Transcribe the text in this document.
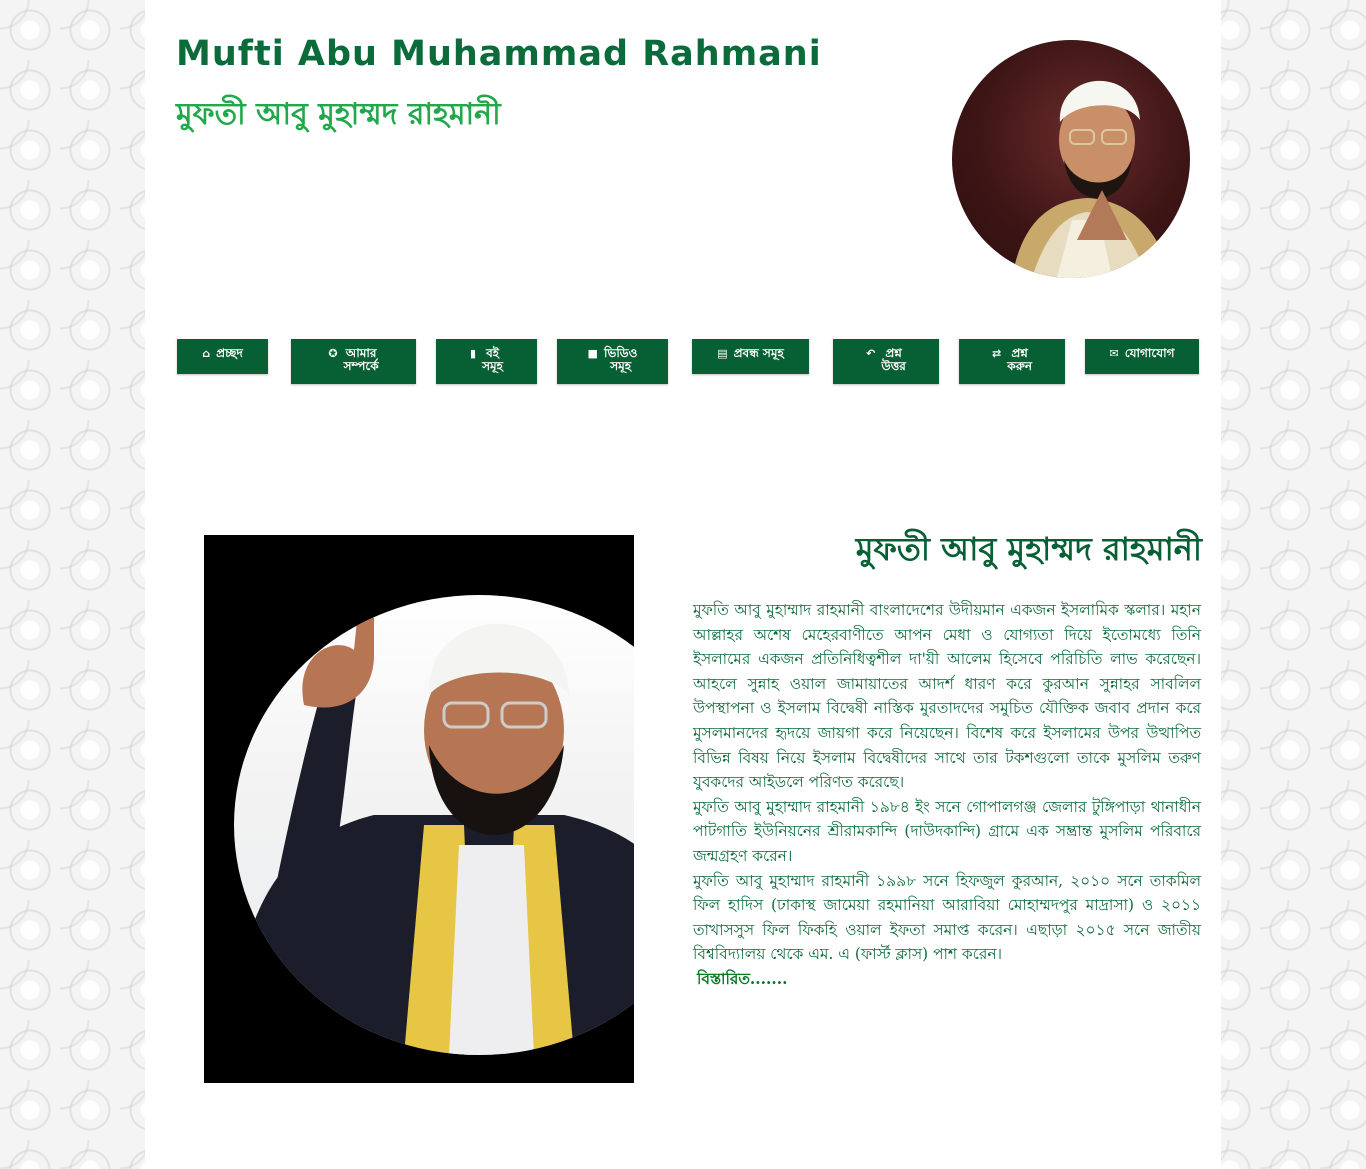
Mufti Abu Muhammad Rahmani
মুফতী আবু মুহাম্মদ রাহমানী
⌂ প্রচ্ছদ	✪ আমার
সম্পর্কে
▮ বই
সমূহ
■ ভিডিও
সমূহ
▤ প্রবন্ধ সমূহ	↶ প্রশ্ন
উত্তর
⇄ প্রশ্ন
করুন
✉ যোগাযোগ
মুফতী আবু মুহাম্মদ রাহমানী

মুফতি আবু মুহাম্মাদ রাহমানী বাংলাদেশের উদীয়মান একজন ইসলামিক স্কলার। মহান আল্লাহর অশেষ মেহেরবাণীতে আপন মেধা ও যোগ্যতা দিয়ে ইতোমধ্যে তিনি ইসলামের একজন প্রতিনিধিত্বশীল দা'য়ী আলেম হিসেবে পরিচিতি লাভ করেছেন। আহলে সুন্নাহ ওয়াল জামায়াতের আদর্শ ধারণ করে কুরআন সুন্নাহর সাবলিল উপস্থাপনা ও ইসলাম বিদ্বেষী নাস্তিক মুরতাদদের সমুচিত যৌক্তিক জবাব প্রদান করে মুসলমানদের হৃদয়ে জায়গা করে নিয়েছেন। বিশেষ করে ইসলামের উপর উত্থাপিত বিভিন্ন বিষয় নিয়ে ইসলাম বিদ্বেষীদের সাথে তার টকশগুলো তাকে মুসলিম তরুণ যুবকদের আইডলে পরিণত করেছে।

মুফতি আবু মুহাম্মাদ রাহমানী ১৯৮৪ ইং সনে গোপালগঞ্জ জেলার টুঙ্গিপাড়া থানাধীন পাটগাতি ইউনিয়নের শ্রীরামকান্দি (দাউদকান্দি) গ্রামে এক সম্ভ্রান্ত মুসলিম পরিবারে জন্মগ্রহণ করেন।

মুফতি আবু মুহাম্মাদ রাহমানী ১৯৯৮ সনে হিফজুল কুরআন, ২০১০ সনে তাকমিল ফিল হাদিস (ঢাকাস্থ জামেয়া রহমানিয়া আরাবিয়া মোহাম্মদপুর মাদ্রাসা) ও ২০১১ তাখাসসুস ফিল ফিকহি ওয়াল ইফতা সমাপ্ত করেন। এছাড়া ২০১৫ সনে জাতীয় বিশ্ববিদ্যালয় থেকে এম. এ (ফার্স্ট ক্লাস) পাশ করেন।

বিস্তারিত.......
